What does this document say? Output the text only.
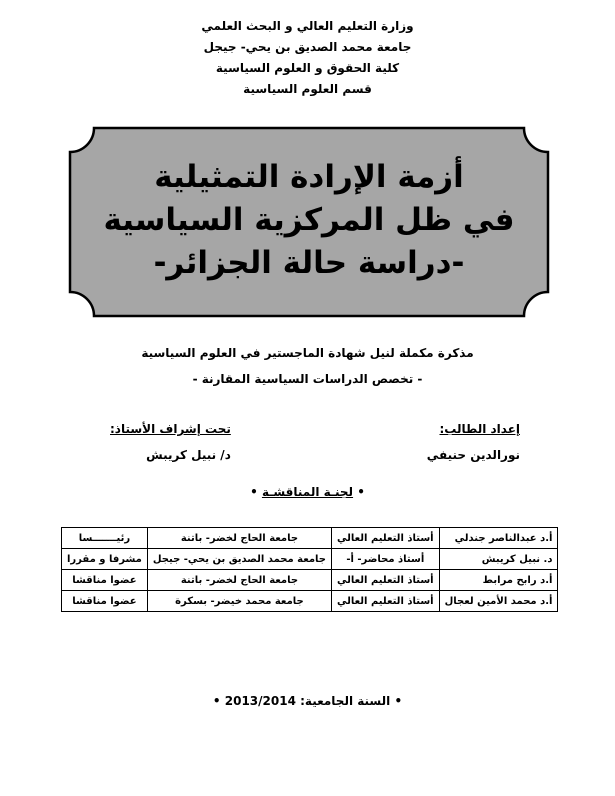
وزارة التعليم العالي و البحث العلمي
جامعة محمد الصديق بن يحي- جيجل
كلية الحقوق و العلوم السياسية
قسم العلوم السياسية
أزمة الإرادة التمثيلية
في ظل المركزية السياسية
-دراسة حالة الجزائر-
مذكرة مكملة لنيل شهادة الماجستير في العلوم السياسية
- تخصص الدراسات السياسية المقارنة -
إعداد الطالب:
نورالدين حنيفي
تحت إشراف الأستاذ:
د/ نبيل كريبش
• لجنـة المناقشـة •
أ.د عبدالناصر جندلي	أستاذ التعليم العالي	جامعة الحاج لخضر- باتنة	رئيـــــــسا
د. نبيل كريبش	أستاذ محاضر- أ-	جامعة محمد الصديق بن يحي- جيجل	مشرفا و مقررا
أ.د رابح مرابط	أستاذ التعليم العالي	جامعة الحاج لخضر- باتنة	عضوا مناقشا
أ.د محمد الأمين لعجال	أستاذ التعليم العالي	جامعة محمد خيضر- بسكرة	عضوا مناقشا
• السنة الجامعية: 2013/2014 •
